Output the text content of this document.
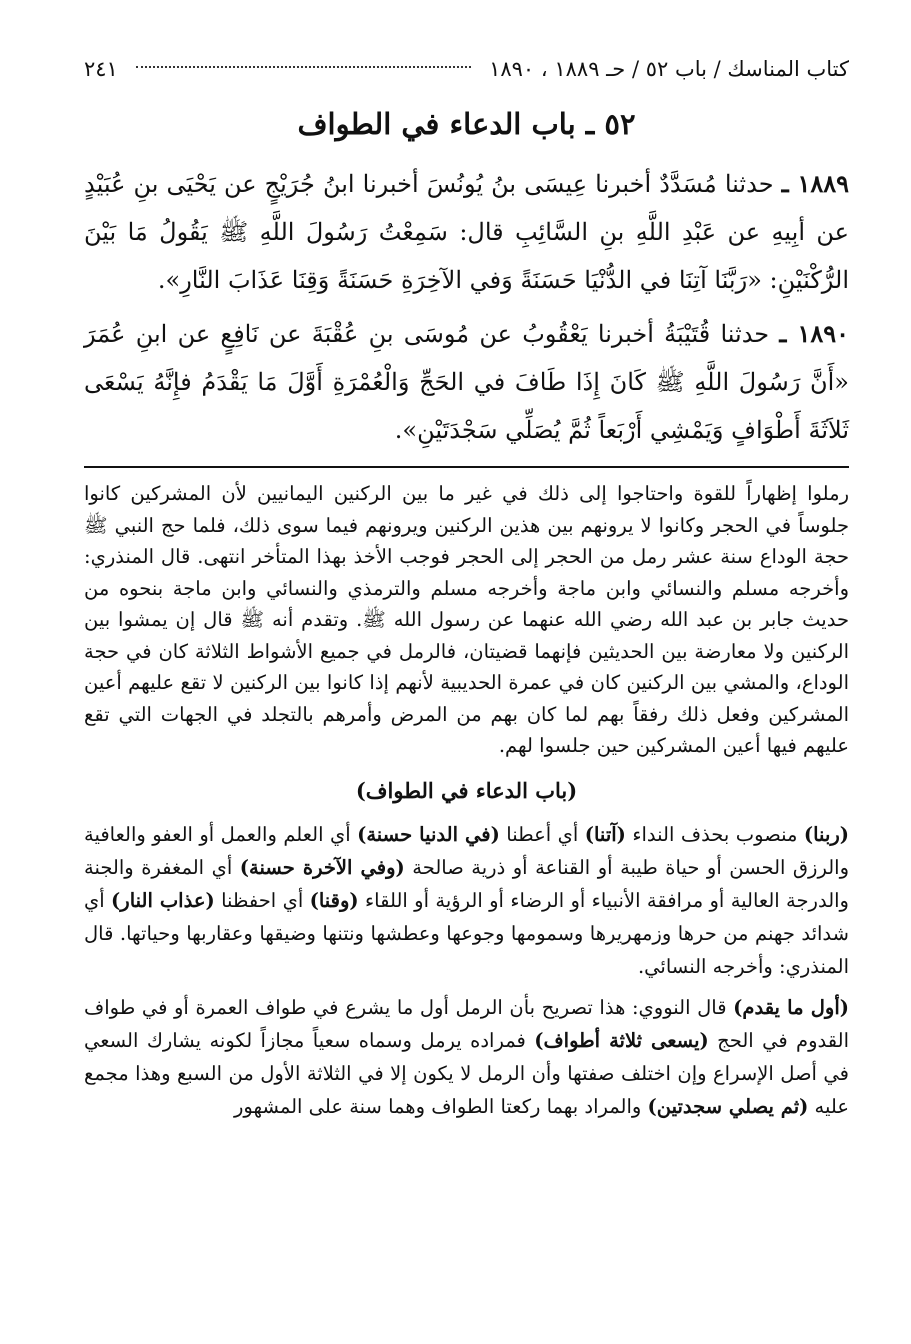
كتاب المناسك / باب ٥٢ / حـ ١٨٨٩ ، ١٨٩٠
٢٤١
٥٢ ـ باب الدعاء في الطواف

١٨٨٩ ـ حدثنا مُسَدَّدٌ أخبرنا عِيسَى بنُ يُونُسَ أخبرنا ابنُ جُرَيْجٍ عن يَحْيَى بنِ عُبَيْدٍ عن أبِيهِ عن عَبْدِ اللَّهِ بنِ السَّائِبِ قال: سَمِعْتُ رَسُولَ اللَّهِ ﷺ يَقُولُ مَا بَيْنَ الرُّكْنَيْنِ: «رَبَّنَا آتِنَا في الدُّنْيَا حَسَنَةً وَفي الآخِرَةِ حَسَنَةً وَقِنَا عَذَابَ النَّارِ».

١٨٩٠ ـ حدثنا قُتَيْبَةُ أخبرنا يَعْقُوبُ عن مُوسَى بنِ عُقْبَةَ عن نَافِعٍ عن ابنِ عُمَرَ «أَنَّ رَسُولَ اللَّهِ ﷺ كَانَ إِذَا طَافَ في الحَجِّ وَالْعُمْرَةِ أَوَّلَ مَا يَقْدَمُ فإِنَّهُ يَسْعَى ثَلاَثَةَ أَطْوَافٍ وَيَمْشِي أَرْبَعاً ثُمَّ يُصَلِّي سَجْدَتَيْنِ».

رملوا إظهاراً للقوة واحتاجوا إلى ذلك في غير ما بين الركنين اليمانيين لأن المشركين كانوا جلوساً في الحجر وكانوا لا يرونهم بين هذين الركنين ويرونهم فيما سوى ذلك، فلما حج النبي ﷺ حجة الوداع سنة عشر رمل من الحجر إلى الحجر فوجب الأخذ بهذا المتأخر انتهى. قال المنذري: وأخرجه مسلم والنسائي وابن ماجة وأخرجه مسلم والترمذي والنسائي وابن ماجة بنحوه من حديث جابر بن عبد الله رضي الله عنهما عن رسول الله ﷺ. وتقدم أنه ﷺ قال إن يمشوا بين الركنين ولا معارضة بين الحديثين فإنهما قضيتان، فالرمل في جميع الأشواط الثلاثة كان في حجة الوداع، والمشي بين الركنين كان في عمرة الحديبية لأنهم إذا كانوا بين الركنين لا تقع عليهم أعين المشركين وفعل ذلك رفقاً بهم لما كان بهم من المرض وأمرهم بالتجلد في الجهات التي تقع عليهم فيها أعين المشركين حين جلسوا لهم.

(باب الدعاء في الطواف)

(ربنا) منصوب بحذف النداء (آتنا) أي أعطنا (في الدنيا حسنة) أي العلم والعمل أو العفو والعافية والرزق الحسن أو حياة طيبة أو القناعة أو ذرية صالحة (وفي الآخرة حسنة) أي المغفرة والجنة والدرجة العالية أو مرافقة الأنبياء أو الرضاء أو الرؤية أو اللقاء (وقنا) أي احفظنا (عذاب النار) أي شدائد جهنم من حرها وزمهريرها وسمومها وجوعها وعطشها ونتنها وضيقها وعقاربها وحياتها. قال المنذري: وأخرجه النسائي.

(أول ما يقدم) قال النووي: هذا تصريح بأن الرمل أول ما يشرع في طواف العمرة أو في طواف القدوم في الحج (يسعى ثلاثة أطواف) فمراده يرمل وسماه سعياً مجازاً لكونه يشارك السعي في أصل الإسراع وإن اختلف صفتها وأن الرمل لا يكون إلا في الثلاثة الأول من السبع وهذا مجمع عليه (ثم يصلي سجدتين) والمراد بهما ركعتا الطواف وهما سنة على المشهور
